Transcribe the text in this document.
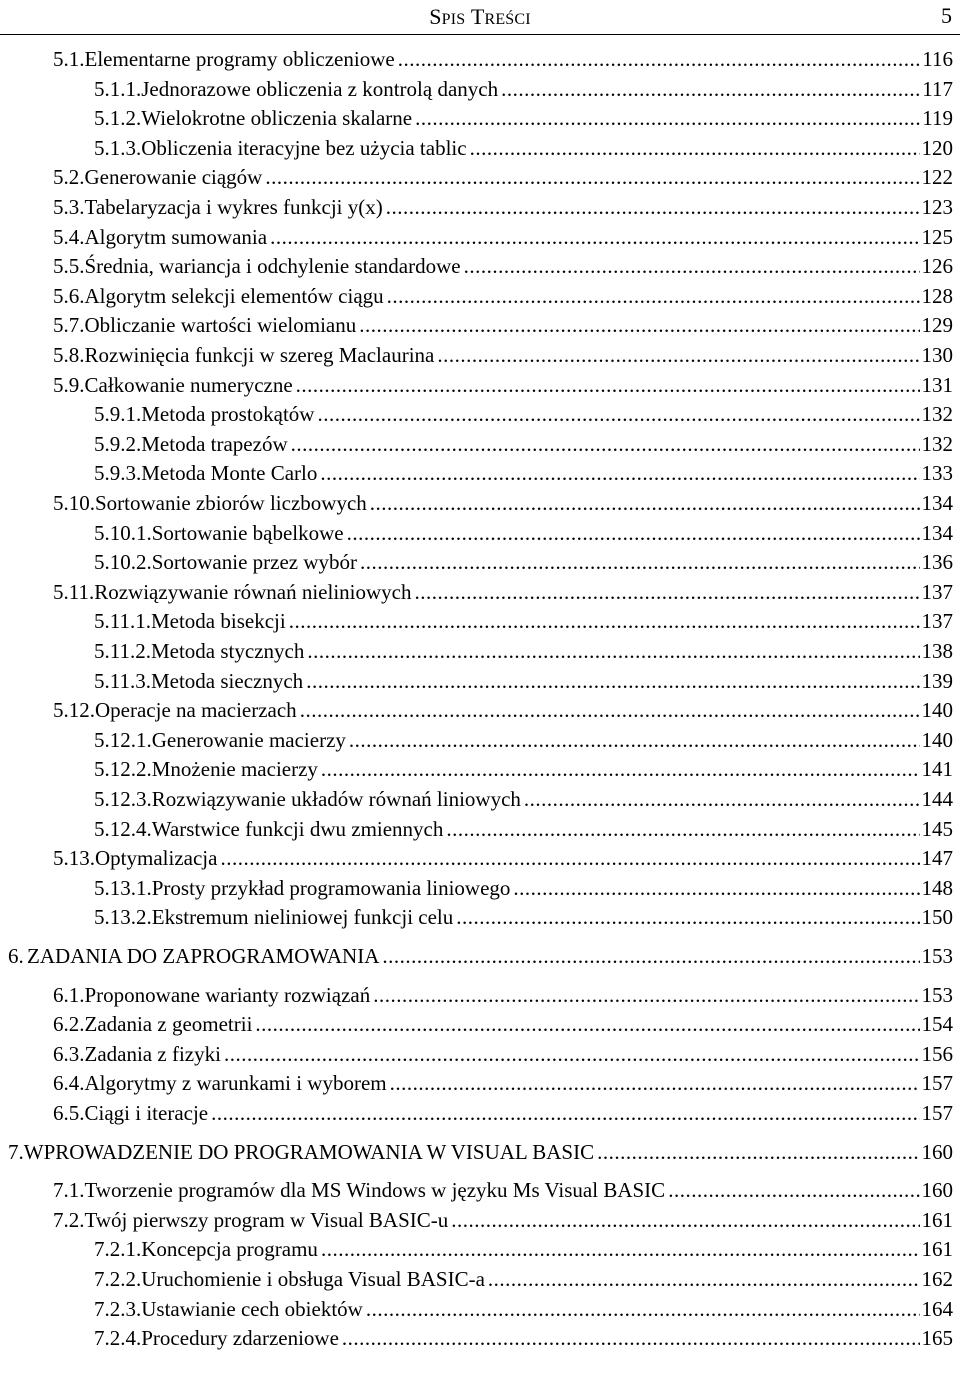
SPIS TREŚCI	5
5.1. Elementarne programy obliczeniowe .....	116
5.1.1. Jednorazowe obliczenia z kontrolą danych .....	117
5.1.2. Wielokrotne obliczenia skalarne .....	119
5.1.3. Obliczenia iteracyjne bez użycia tablic .....	120
5.2. Generowanie ciągów .....	122
5.3. Tabelaryzacja i wykres funkcji y(x) .....	123
5.4. Algorytm sumowania .....	125
5.5. Średnia, wariancja i odchylenie standardowe .....	126
5.6. Algorytm selekcji elementów ciągu .....	128
5.7. Obliczanie wartości wielomianu .....	129
5.8. Rozwinięcia funkcji w szereg Maclaurina .....	130
5.9. Całkowanie numeryczne .....	131
5.9.1. Metoda prostokątów .....	132
5.9.2. Metoda trapezów .....	132
5.9.3. Metoda Monte Carlo .....	133
5.10. Sortowanie zbiorów liczbowych .....	134
5.10.1. Sortowanie bąbelkowe .....	134
5.10.2. Sortowanie przez wybór .....	136
5.11. Rozwiązywanie równań nieliniowych .....	137
5.11.1. Metoda bisekcji .....	137
5.11.2. Metoda stycznych .....	138
5.11.3. Metoda siecznych .....	139
5.12. Operacje na macierzach .....	140
5.12.1. Generowanie macierzy .....	140
5.12.2. Mnożenie macierzy .....	141
5.12.3. Rozwiązywanie układów równań liniowych .....	144
5.12.4. Warstwice funkcji dwu zmiennych .....	145
5.13. Optymalizacja .....	147
5.13.1. Prosty przykład programowania liniowego .....	148
5.13.2. Ekstremum nieliniowej funkcji celu .....	150
6. ZADANIA DO ZAPROGRAMOWANIA .....	153
6.1. Proponowane warianty rozwiązań .....	153
6.2. Zadania z geometrii .....	154
6.3. Zadania z fizyki .....	156
6.4. Algorytmy z warunkami i wyborem .....	157
6.5. Ciągi i iteracje .....	157
7. WPROWADZENIE DO PROGRAMOWANIA W VISUAL BASIC .....	160
7.1. Tworzenie programów dla MS Windows w języku Ms Visual BASIC .....	160
7.2. Twój pierwszy program w Visual BASIC-u .....	161
7.2.1. Koncepcja programu .....	161
7.2.2. Uruchomienie i obsługa Visual BASIC-a .....	162
7.2.3. Ustawianie cech obiektów .....	164
7.2.4. Procedury zdarzeniowe .....	165
